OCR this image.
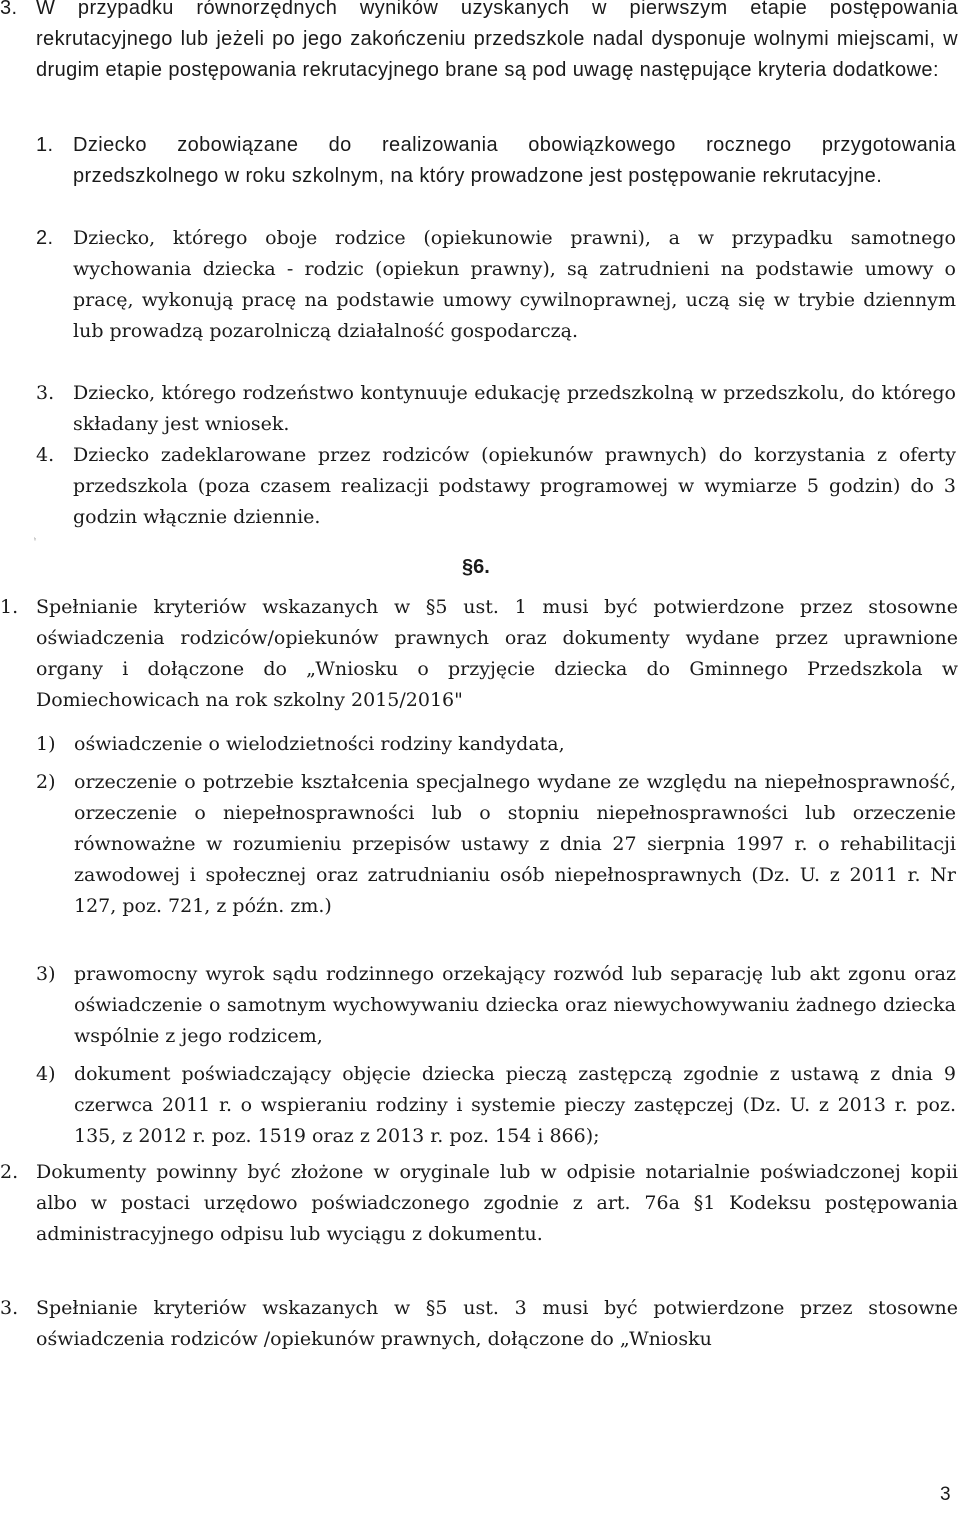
3. W przypadku równorzędnych wyników uzyskanych w pierwszym etapie postępowania rekrutacyjnego lub jeżeli po jego zakończeniu przedszkole nadal dysponuje wolnymi miejscami, w drugim etapie postępowania rekrutacyjnego brane są pod uwagę następujące kryteria dodatkowe:
1. Dziecko zobowiązane do realizowania obowiązkowego rocznego przygotowania przedszkolnego w roku szkolnym, na który prowadzone jest postępowanie rekrutacyjne.
2.	Dziecko, którego oboje rodzice (opiekunowie prawni), a w przypadku samotnego wychowania dziecka - rodzic (opiekun prawny), są zatrudnieni na podstawie umowy o pracę, wykonują pracę na podstawie umowy cywilnoprawnej, uczą się w trybie dziennym lub prowadzą pozarolniczą działalność gospodarczą.
3. Dziecko, którego rodzeństwo kontynuuje edukację przedszkolną w przedszkolu, do którego składany jest wniosek.
4. Dziecko zadeklarowane przez rodziców (opiekunów prawnych) do korzystania z oferty przedszkola (poza czasem realizacji podstawy programowej w wymiarze 5 godzin) do 3 godzin włącznie dziennie.
ʰ
§6.
1. Spełnianie kryteriów wskazanych w §5 ust. 1 musi być potwierdzone przez stosowne oświadczenia rodziców/opiekunów prawnych oraz dokumenty wydane przez uprawnione organy i dołączone do „Wniosku o przyjęcie dziecka do Gminnego Przedszkola w Domiechowicach na rok szkolny 2015/2016"
1) oświadczenie o wielodzietności rodziny kandydata,
2) orzeczenie o potrzebie kształcenia specjalnego wydane ze względu na niepełnosprawność, orzeczenie o niepełnosprawności lub o stopniu niepełnosprawności lub orzeczenie równoważne w rozumieniu przepisów ustawy z dnia 27 sierpnia 1997 r. o rehabilitacji zawodowej i społecznej oraz zatrudnianiu osób niepełnosprawnych (Dz. U. z 2011 r. Nr 127, poz. 721, z późn. zm.)
3) prawomocny wyrok sądu rodzinnego orzekający rozwód lub separację lub akt zgonu oraz oświadczenie o samotnym wychowywaniu dziecka oraz niewychowywaniu żadnego dziecka wspólnie z jego rodzicem,
4) dokument poświadczający objęcie dziecka pieczą zastępczą zgodnie z ustawą z dnia 9 czerwca 2011 r. o wspieraniu rodziny i systemie pieczy zastępczej (Dz. U. z 2013 r. poz. 135, z 2012 r. poz. 1519 oraz z 2013 r. poz. 154 i 866);
2. Dokumenty powinny być złożone w oryginale lub w odpisie notarialnie poświadczonej kopii albo w postaci urzędowo poświadczonego zgodnie z art. 76a §1 Kodeksu postępowania administracyjnego odpisu lub wyciągu z dokumentu.
3. Spełnianie kryteriów wskazanych w §5 ust. 3 musi być potwierdzone przez stosowne oświadczenia rodziców /opiekunów prawnych, dołączone do „Wniosku
3
